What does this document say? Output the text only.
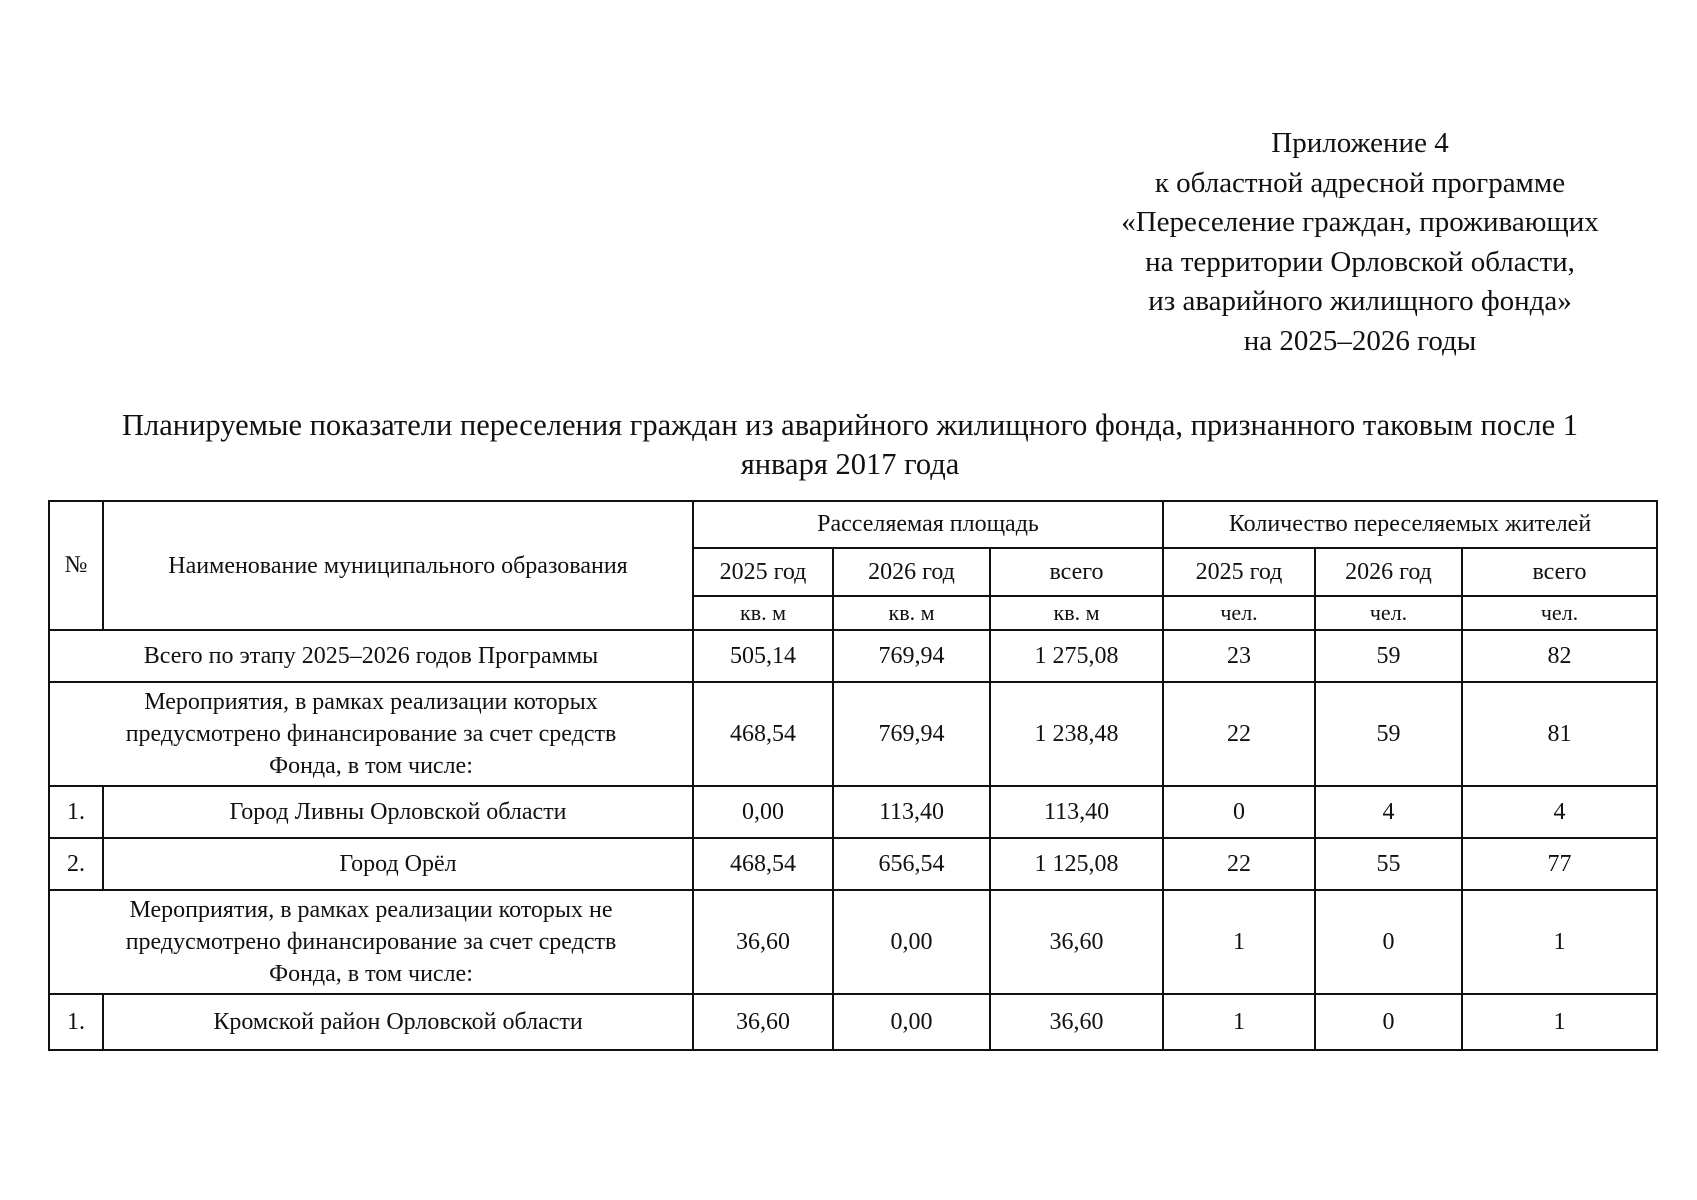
Приложение 4
к областной адресной программе
«Переселение граждан, проживающих
на территории Орловской области,
из аварийного жилищного фонда»
на 2025–2026 годы
Планируемые показатели переселения граждан из аварийного жилищного фонда, признанного таковым после 1
января 2017 года
№	Наименование муниципального образования	Расселяемая площадь			Количество переселяемых жителей		
		2025 год	2026 год	всего	2025 год	2026 год	всего
		кв. м	кв. м	кв. м	чел.	чел.	чел.
Всего по этапу 2025–2026 годов Программы		505,14	769,94	1 275,08	23	59	82

Мероприятия, в рамках реализации которых
предусмотрено финансирование за счет средств
Фонда, в том числе:		468,54	769,94	1 238,48	22	59	81
1.	Город Ливны Орловской области	0,00	113,40	113,40	0	4	4
2.	Город Орёл	468,54	656,54	1 125,08	22	55	77

Мероприятия, в рамках реализации которых не
предусмотрено финансирование за счет средств
Фонда, в том числе:		36,60	0,00	36,60	1	0	1
1.	Кромской район Орловской области	36,60	0,00	36,60	1	0	1
